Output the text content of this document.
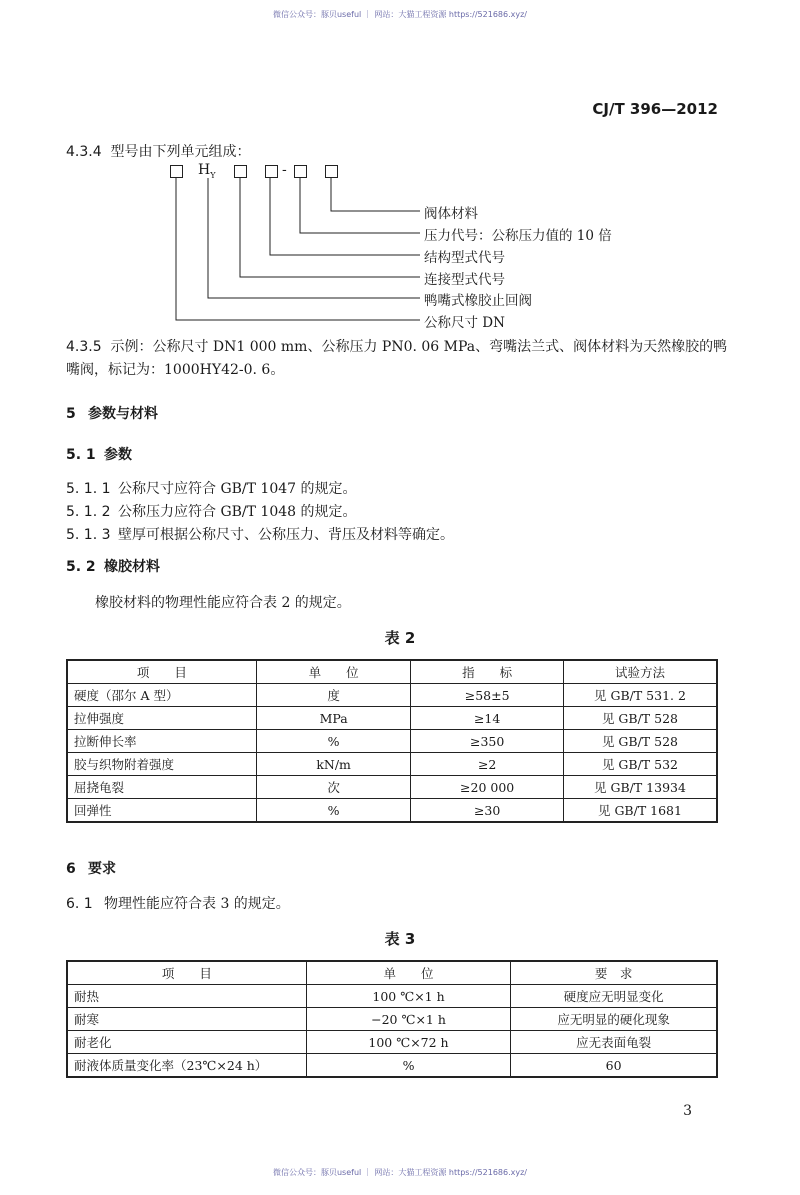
微信公众号：豚贝useful ｜ 网站：大猫工程资源 https://521686.xyz/
CJ/T 396—2012
4.3.4 型号由下列单元组成：
$H_Y$	-
阀体材料
压力代号：公称压力值的 10 倍
结构型式代号
连接型式代号
鸭嘴式橡胶止回阀
公称尺寸 DN
4.3.5 示例：公称尺寸 DN1 000 mm、公称压力 PN0. 06 MPa、弯嘴法兰式、阀体材料为天然橡胶的鸭
嘴阀，标记为：1000HY42-0. 6。
5 参数与材料
5. 1 参数
5. 1. 1 公称尺寸应符合 GB/T 1047 的规定。
5. 1. 2 公称压力应符合 GB/T 1048 的规定。
5. 1. 3 壁厚可根据公称尺寸、公称压力、背压及材料等确定。
5. 2 橡胶材料
橡胶材料的物理性能应符合表 2 的规定。
表 2
项　　目	单　　位	指　　标	试验方法
硬度（邵尔 A 型）	度	≥58±5	见 GB/T 531. 2
拉伸强度	MPa	≥14	见 GB/T 528
拉断伸长率	%	≥350	见 GB/T 528
胶与织物附着强度	kN/m	≥2	见 GB/T 532
屈挠龟裂	次	≥20 000	见 GB/T 13934
回弹性	%	≥30	见 GB/T 1681
6 要求
6. 1 物理性能应符合表 3 的规定。
表 3
项　　目	单　　位	要　求
耐热	100 ℃×1 h	硬度应无明显变化
耐寒	−20 ℃×1 h	应无明显的硬化现象
耐老化	100 ℃×72 h	应无表面龟裂
耐液体质量变化率（23℃×24 h）	%	60
3
微信公众号：豚贝useful ｜ 网站：大猫工程资源 https://521686.xyz/
